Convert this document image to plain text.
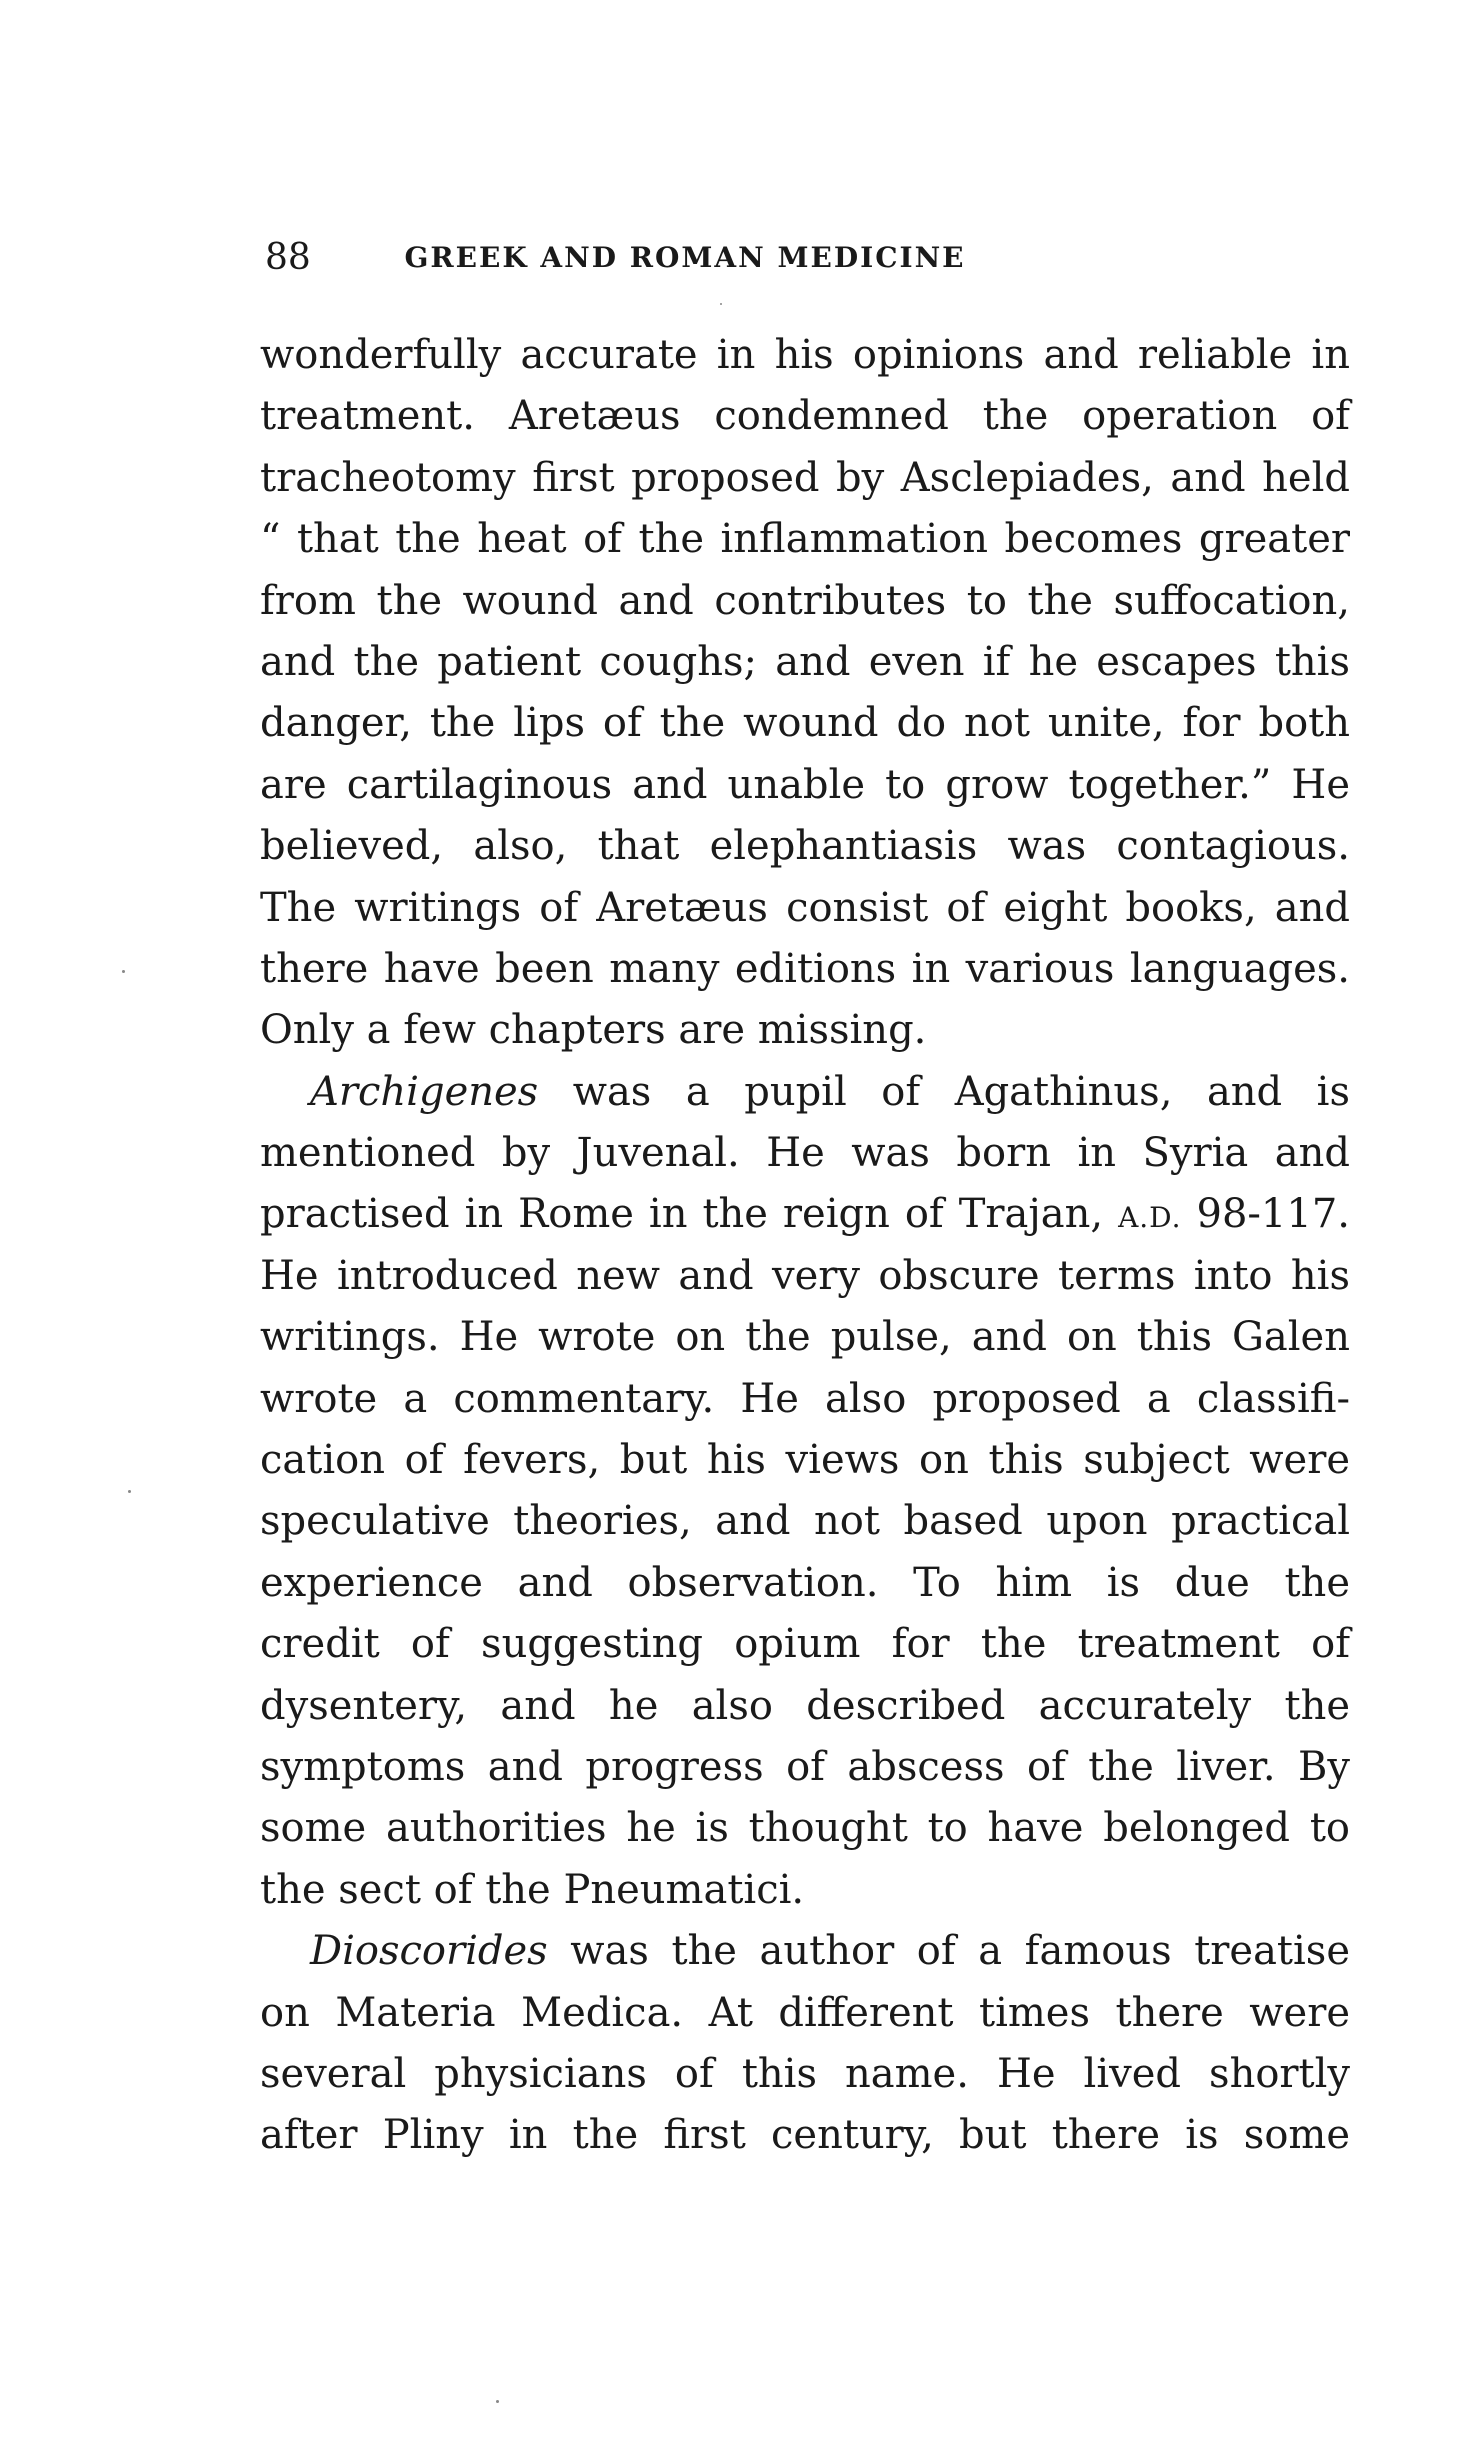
88	GREEK AND ROMAN MEDICINE
wonderfully accurate in his opinions and reliable in
treatment. Aretæus condemned the operation of
tracheotomy first proposed by Asclepiades, and held
“ that the heat of the inflammation becomes greater
from the wound and contributes to the suffocation,
and the patient coughs; and even if he escapes this
danger, the lips of the wound do not unite, for both
are cartilaginous and unable to grow together.” He
believed, also, that elephantiasis was contagious.
The writings of Aretæus consist of eight books, and
there have been many editions in various languages.
Only a few chapters are missing.
Archigenes was a pupil of Agathinus, and is
mentioned by Juvenal. He was born in Syria and
practised in Rome in the reign of Trajan, A.D. 98-117.
He introduced new and very obscure terms into his
writings. He wrote on the pulse, and on this Galen
wrote a commentary. He also proposed a classifi-
cation of fevers, but his views on this subject were
speculative theories, and not based upon practical
experience and observation. To him is due the
credit of suggesting opium for the treatment of
dysentery, and he also described accurately the
symptoms and progress of abscess of the liver. By
some authorities he is thought to have belonged to
the sect of the Pneumatici.
Dioscorides was the author of a famous treatise
on Materia Medica. At different times there were
several physicians of this name. He lived shortly
after Pliny in the first century, but there is some
